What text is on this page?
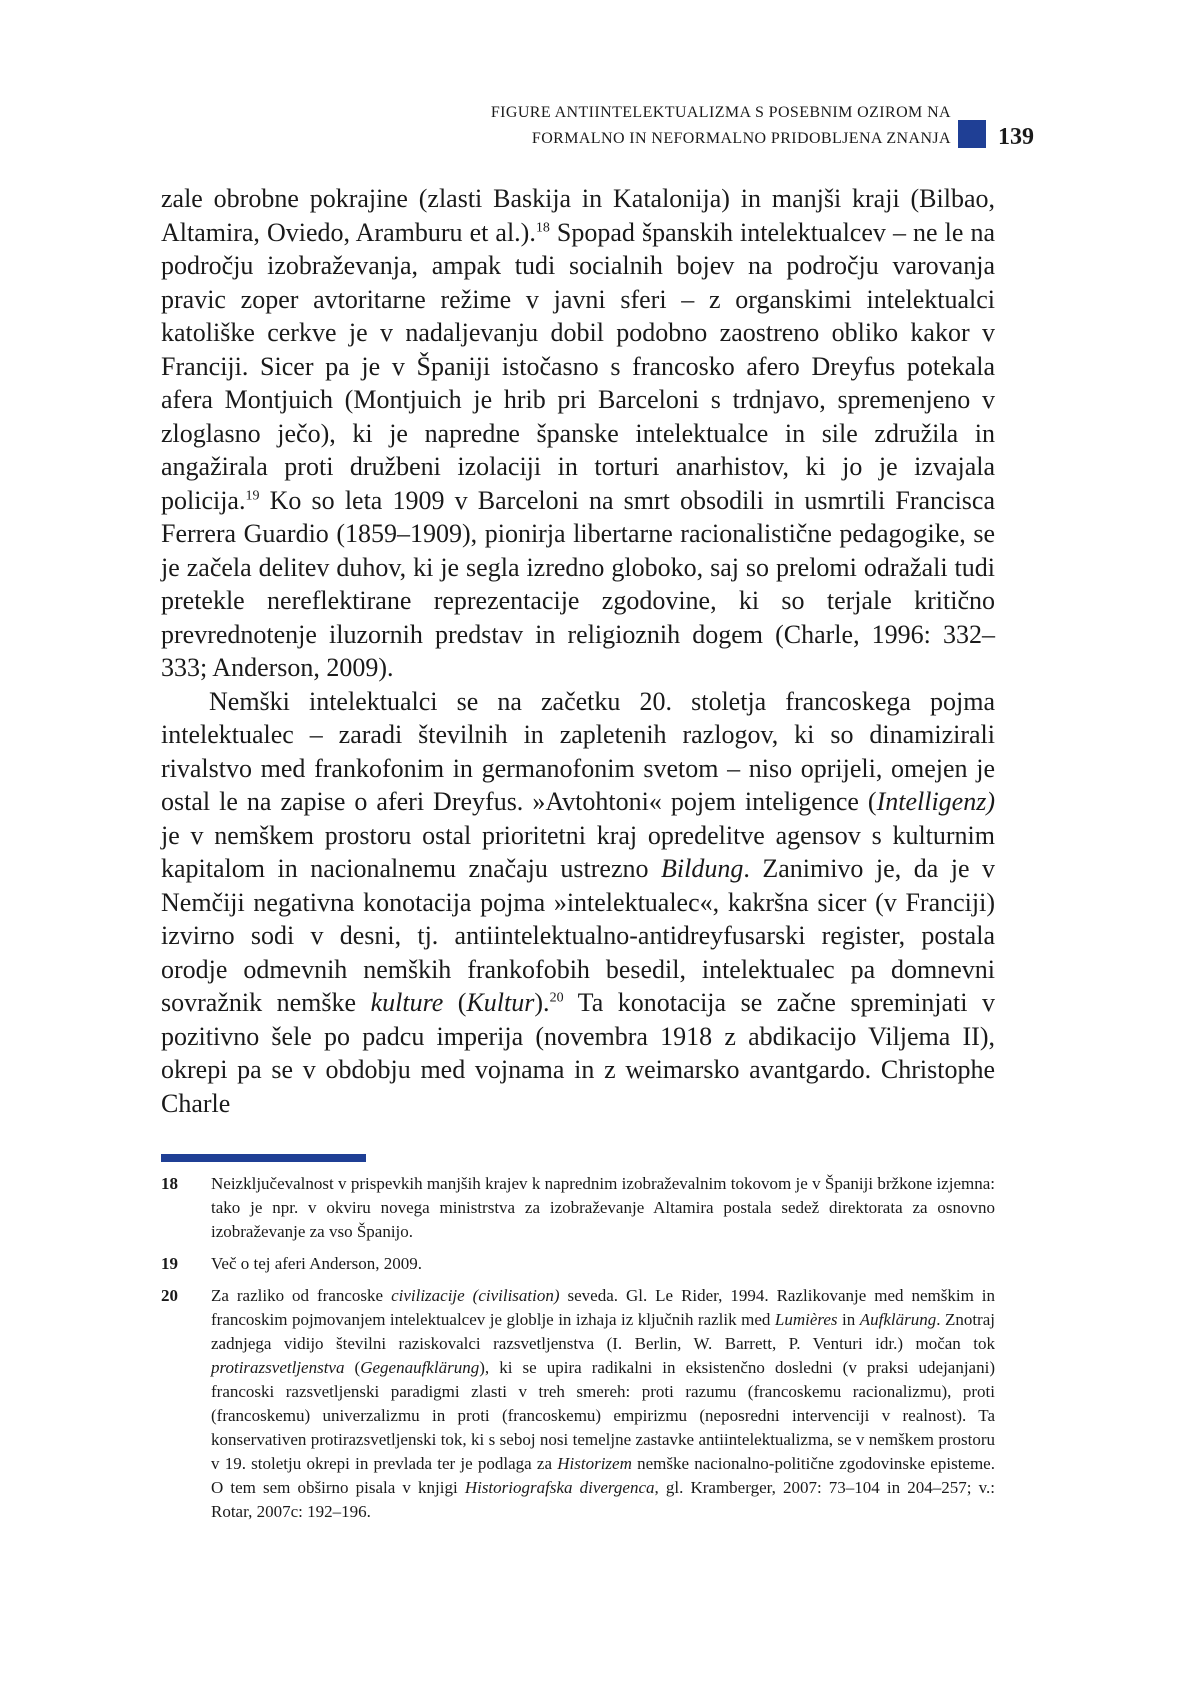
FIGURE ANTIINTELEKTUALIZMA S POSEBNIM OZIROM NA
FORMALNO IN NEFORMALNO PRIDOBLJENA ZNANJA 139

zale obrobne pokrajine (zlasti Baskija in Katalonija) in manjši kraji (Bilbao, Altamira, Oviedo, Aramburu et al.).$^{18}$ Spopad španskih intelektualcev – ne le na področju izobraževanja, ampak tudi socialnih bojev na področju varovanja pravic zoper avtoritarne režime v javni sferi – z organskimi intelektualci katoliške cerkve je v nadaljevanju dobil podobno zaostreno obliko kakor v Franciji. Sicer pa je v Španiji istočasno s francosko afero Dreyfus potekala afera Montjuich (Montjuich je hrib pri Barceloni s trdnjavo, spremenjeno v zloglasno ječo), ki je napredne španske intelektualce in sile združila in angažirala proti družbeni izolaciji in torturi anarhistov, ki jo je izvajala policija.$^{19}$ Ko so leta 1909 v Barceloni na smrt obsodili in usmrtili Francisca Ferrera Guardio (1859–1909), pionirja libertarne racionalistične pedagogike, se je začela delitev duhov, ki je segla izredno globoko, saj so prelomi odražali tudi pretekle nereflektirane reprezentacije zgodovine, ki so terjale kritično prevrednotenje iluzornih predstav in religioznih dogem (Charle, 1996: 332–333; Anderson, 2009).

Nemški intelektualci se na začetku 20. stoletja francoskega pojma intelektualec – zaradi številnih in zapletenih razlogov, ki so dinamizirali rivalstvo med frankofonim in germanofonim svetom – niso oprijeli, omejen je ostal le na zapise o aferi Dreyfus. »Avtohtoni« pojem inteligence (Intelligenz) je v nemškem prostoru ostal prioritetni kraj opredelitve agensov s kulturnim kapitalom in nacionalnemu značaju ustrezno Bildung. Zanimivo je, da je v Nemčiji negativna konotacija pojma »intelektualec«, kakršna sicer (v Franciji) izvirno sodi v desni, tj. antiintelektualno-antidreyfusarski register, postala orodje odmevnih nemških frankofobih besedil, intelektualec pa domnevni sovražnik nemške kulture (Kultur).$^{20}$ Ta konotacija se začne spreminjati v pozitivno šele po padcu imperija (novembra 1918 z abdikacijo Viljema II), okrepi pa se v obdobju med vojnama in z weimarsko avantgardo. Christophe Charle

18	Neizključevalnost v prispevkih manjših krajev k naprednim izobraževalnim tokovom je v Španiji bržkone izjemna: tako je npr. v okviru novega ministrstva za izobraževanje Altamira postala sedež direktorata za osnovno izobraževanje za vso Španijo.
19	Več o tej aferi Anderson, 2009.
20	Za razliko od francoske civilizacije (civilisation) seveda. Gl. Le Rider, 1994. Razlikovanje med nemškim in francoskim pojmovanjem intelektualcev je globlje in izhaja iz ključnih razlik med Lumières in Aufklärung. Znotraj zadnjega vidijo številni raziskovalci razsvetljenstva (I. Berlin, W. Barrett, P. Venturi idr.) močan tok protirazsvetljenstva (Gegenaufklärung), ki se upira radikalni in eksistenčno dosledni (v praksi udejanjani) francoski razsvetljenski paradigmi zlasti v treh smereh: proti razumu (francoskemu racionalizmu), proti (francoskemu) univerzalizmu in proti (francoskemu) empirizmu (neposredni intervenciji v realnost). Ta konservativen protirazsvetljenski tok, ki s seboj nosi temeljne zastavke antiintelektualizma, se v nemškem prostoru v 19. stoletju okrepi in prevlada ter je podlaga za Historizem nemške nacionalno-politične zgodovinske episteme. O tem sem obširno pisala v knjigi Historiografska divergenca, gl. Kramberger, 2007: 73–104 in 204–257; v.: Rotar, 2007c: 192–196.
